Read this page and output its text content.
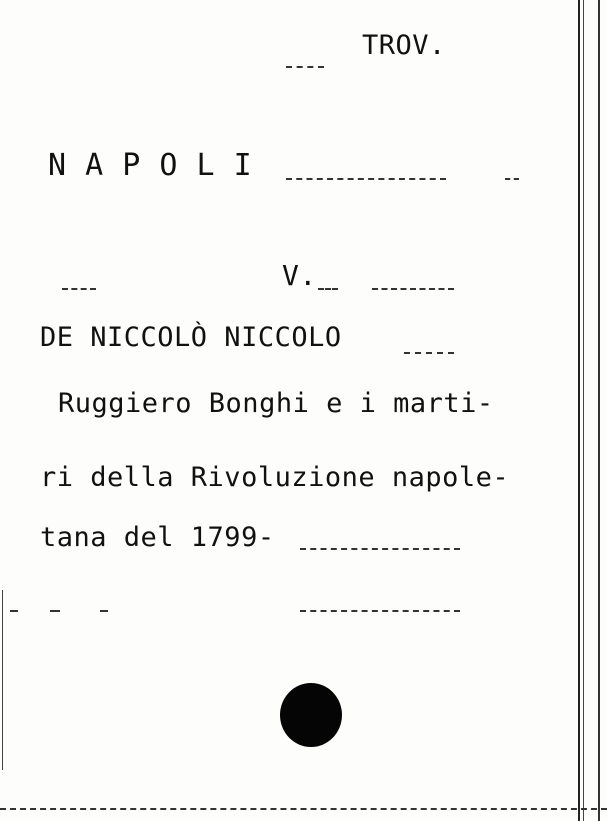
TROV.
N A P O L I
V.
DE NICCOLÒ NICCOLO
Ruggiero Bonghi e i marti-
ri della Rivoluzione napole-
tana del 1799-
